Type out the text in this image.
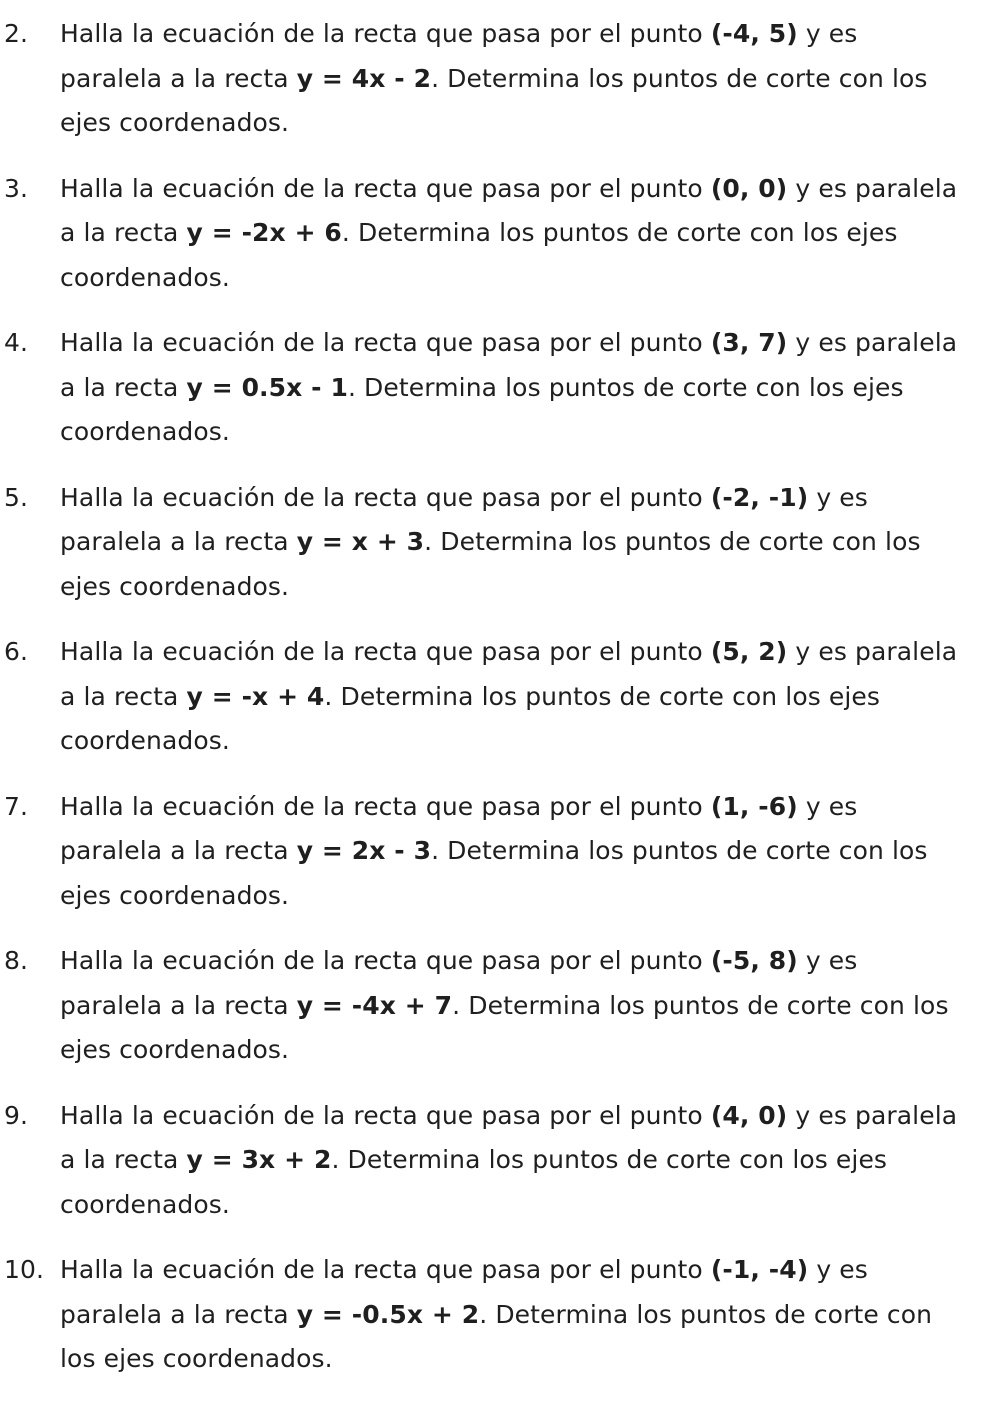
2. Halla la ecuación de la recta que pasa por el punto (-4, 5) y es paralela a la recta y = 4x - 2. Determina los puntos de corte con los ejes coordenados.
3. Halla la ecuación de la recta que pasa por el punto (0, 0) y es paralela a la recta y = -2x + 6. Determina los puntos de corte con los ejes coordenados.
4. Halla la ecuación de la recta que pasa por el punto (3, 7) y es paralela a la recta y = 0.5x - 1. Determina los puntos de corte con los ejes coordenados.
5. Halla la ecuación de la recta que pasa por el punto (-2, -1) y es paralela a la recta y = x + 3. Determina los puntos de corte con los ejes coordenados.
6. Halla la ecuación de la recta que pasa por el punto (5, 2) y es paralela a la recta y = -x + 4. Determina los puntos de corte con los ejes coordenados.
7. Halla la ecuación de la recta que pasa por el punto (1, -6) y es paralela a la recta y = 2x - 3. Determina los puntos de corte con los ejes coordenados.
8. Halla la ecuación de la recta que pasa por el punto (-5, 8) y es paralela a la recta y = -4x + 7. Determina los puntos de corte con los ejes coordenados.
9. Halla la ecuación de la recta que pasa por el punto (4, 0) y es paralela a la recta y = 3x + 2. Determina los puntos de corte con los ejes coordenados.
10. Halla la ecuación de la recta que pasa por el punto (-1, -4) y es paralela a la recta y = -0.5x + 2. Determina los puntos de corte con los ejes coordenados.
